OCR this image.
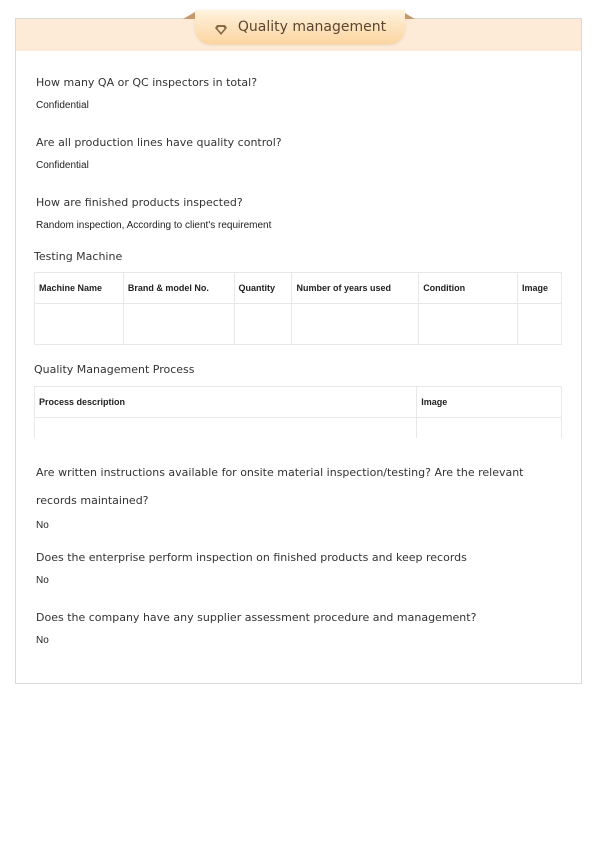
Quality management
How many QA or QC inspectors in total?
Confidential
Are all production lines have quality control?
Confidential
How are finished products inspected?
Random inspection, According to client's requirement
Testing Machine
Machine Name	Brand & model No.	Quantity	Number of years used	Condition	Image

Quality Management Process
Process description	Image

Are written instructions available for onsite material inspection/testing? Are the relevant records maintained?
No
Does the enterprise perform inspection on finished products and keep records
No
Does the company have any supplier assessment procedure and management?
No
